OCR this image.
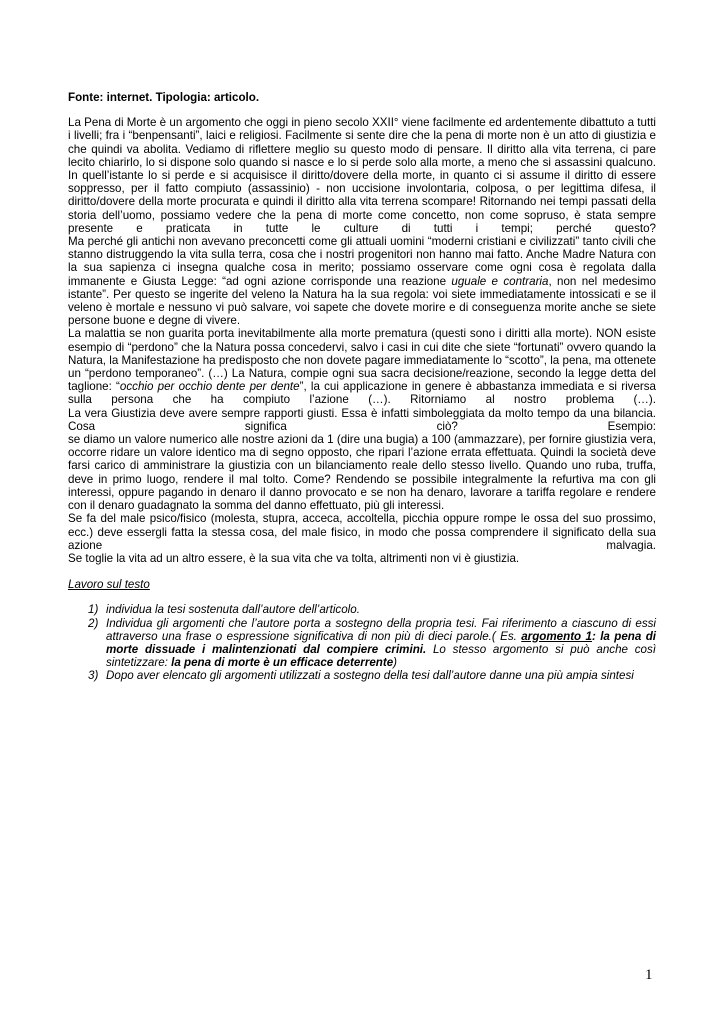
Fonte: internet. Tipologia: articolo.

La Pena di Morte è un argomento che oggi in pieno secolo XXII° viene facilmente ed ardentemente dibattuto a tutti i livelli; fra i “benpensanti”, laici e religiosi. Facilmente si sente dire che la pena di morte non è un atto di giustizia e che quindi va abolita. Vediamo di riflettere meglio su questo modo di pensare. Il diritto alla vita terrena, ci pare lecito chiarirlo, lo si dispone solo quando si nasce e lo si perde solo alla morte, a meno che si assassini qualcuno. In quell’istante lo si perde e si acquisisce il diritto/dovere della morte, in quanto ci si assume il diritto di essere soppresso, per il fatto compiuto (assassinio) - non uccisione involontaria, colposa, o per legittima difesa, il diritto/dovere della morte procurata e quindi il diritto alla vita terrena scompare! Ritornando nei tempi passati della storia dell’uomo, possiamo vedere che la pena di morte come concetto, non come sopruso, è stata sempre presente e praticata in tutte le culture di tutti i tempi; perché questo?

Ma perché gli antichi non avevano preconcetti come gli attuali uomini “moderni cristiani e civilizzati” tanto civili che stanno distruggendo la vita sulla terra, cosa che i nostri progenitori non hanno mai fatto. Anche Madre Natura con la sua sapienza ci insegna qualche cosa in merito; possiamo osservare come ogni cosa è regolata dalla immanente e Giusta Legge: “ad ogni azione corrisponde una reazione uguale e contraria, non nel medesimo istante”. Per questo se ingerite del veleno la Natura ha la sua regola: voi siete immediatamente intossicati e se il veleno è mortale e nessuno vi può salvare, voi sapete che dovete morire e di conseguenza morite anche se siete persone buone e degne di vivere.

La malattia se non guarita porta inevitabilmente alla morte prematura (questi sono i diritti alla morte). NON esiste esempio di “perdono” che la Natura possa concedervi, salvo i casi in cui dite che siete “fortunati” ovvero quando la Natura, la Manifestazione ha predisposto che non dovete pagare immediatamente lo “scotto”, la pena, ma ottenete un “perdono temporaneo”. (…) La Natura, compie ogni sua sacra decisione/reazione, secondo la legge detta del taglione: “occhio per occhio dente per dente”, la cui applicazione in genere è abbastanza immediata e si riversa sulla persona che ha compiuto l’azione (…). Ritorniamo al nostro problema (…).

La vera Giustizia deve avere sempre rapporti giusti. Essa è infatti simboleggiata da molto tempo da una bilancia. Cosa significa ciò? Esempio:

se diamo un valore numerico alle nostre azioni da 1 (dire una bugia) a 100 (ammazzare), per fornire giustizia vera, occorre ridare un valore identico ma di segno opposto, che ripari l’azione errata effettuata. Quindi la società deve farsi carico di amministrare la giustizia con un bilanciamento reale dello stesso livello. Quando uno ruba, truffa, deve in primo luogo, rendere il mal tolto. Come? Rendendo se possibile integralmente la refurtiva ma con gli interessi, oppure pagando in denaro il danno provocato e se non ha denaro, lavorare a tariffa regolare e rendere con il denaro guadagnato la somma del danno effettuato, più gli interessi.

Se fa del male psico/fisico (molesta, stupra, acceca, accoltella, picchia oppure rompe le ossa del suo prossimo, ecc.) deve essergli fatta la stessa cosa, del male fisico, in modo che possa comprendere il significato della sua azione malvagia.

Se toglie la vita ad un altro essere, è la sua vita che va tolta, altrimenti non vi è giustizia.

Lavoro sul testo

1) individua la tesi sostenuta dall’autore dell’articolo.
2) Individua gli argomenti che l’autore porta a sostegno della propria tesi. Fai riferimento a ciascuno di essi attraverso una frase o espressione significativa di non più di dieci parole.( Es. argomento 1: la pena di morte dissuade i malintenzionati dal compiere crimini. Lo stesso argomento si può anche così sintetizzare: la pena di morte è un efficace deterrente)
3) Dopo aver elencato gli argomenti utilizzati a sostegno della tesi dall’autore danne una più ampia sintesi
1
